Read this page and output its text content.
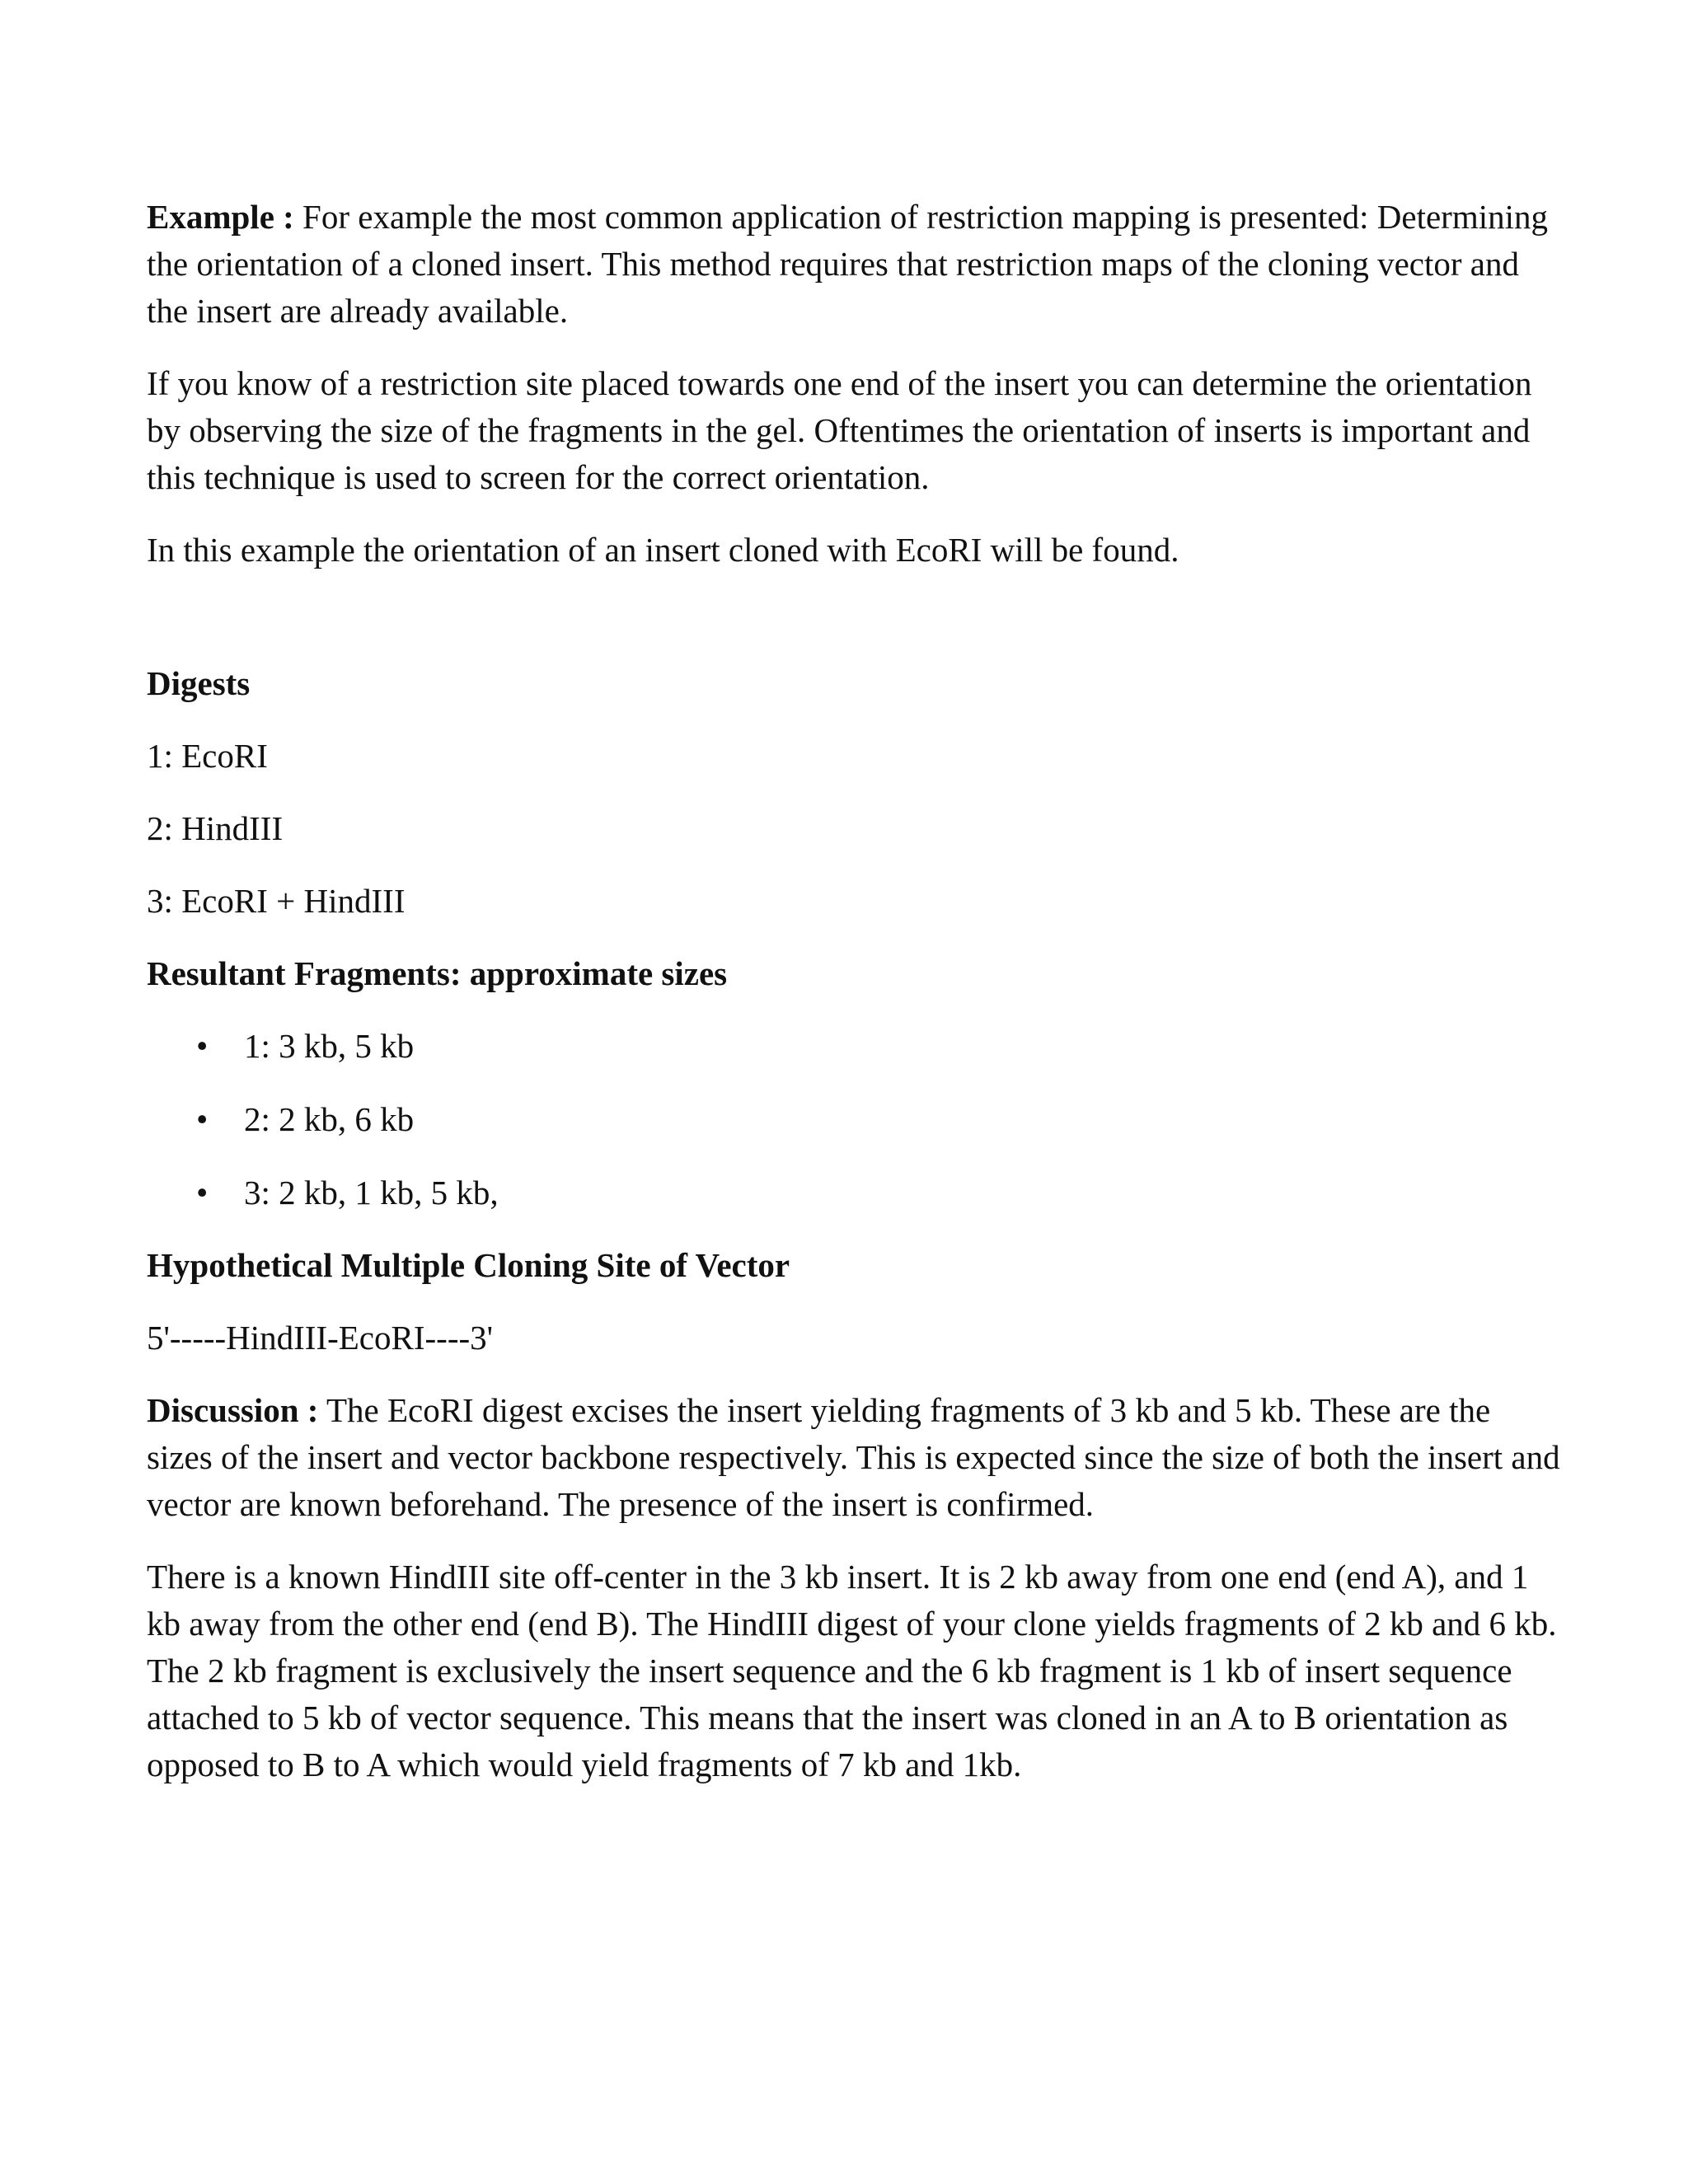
Example : For example the most common application of restriction mapping is presented: Determining the orientation of a cloned insert. This method requires that restriction maps of the cloning vector and the insert are already available.

If you know of a restriction site placed towards one end of the insert you can determine the orientation by observing the size of the fragments in the gel. Oftentimes the orientation of inserts is important and this technique is used to screen for the correct orientation.

In this example the orientation of an insert cloned with EcoRI will be found.

Digests

1: EcoRI

2: HindIII

3: EcoRI + HindIII

Resultant Fragments: approximate sizes

• 1: 3 kb, 5 kb
• 2: 2 kb, 6 kb
• 3: 2 kb, 1 kb, 5 kb,

Hypothetical Multiple Cloning Site of Vector

5'-----HindIII-EcoRI----3'

Discussion : The EcoRI digest excises the insert yielding fragments of 3 kb and 5 kb. These are the sizes of the insert and vector backbone respectively. This is expected since the size of both the insert and vector are known beforehand. The presence of the insert is confirmed.

There is a known HindIII site off-center in the 3 kb insert. It is 2 kb away from one end (end A), and 1 kb away from the other end (end B). The HindIII digest of your clone yields fragments of 2 kb and 6 kb. The 2 kb fragment is exclusively the insert sequence and the 6 kb fragment is 1 kb of insert sequence attached to 5 kb of vector sequence. This means that the insert was cloned in an A to B orientation as opposed to B to A which would yield fragments of 7 kb and 1kb.
